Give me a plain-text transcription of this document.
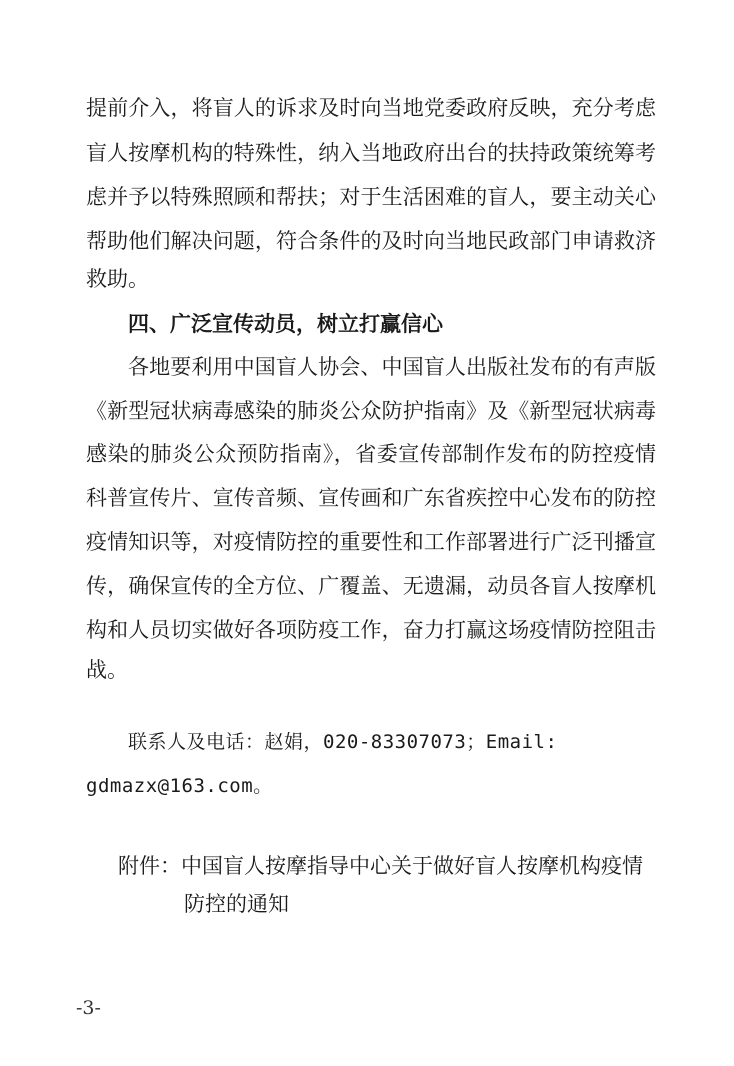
提前介入，将盲人的诉求及时向当地党委政府反映，充分考虑
盲人按摩机构的特殊性，纳入当地政府出台的扶持政策统筹考
虑并予以特殊照顾和帮扶；对于生活困难的盲人，要主动关心
帮助他们解决问题，符合条件的及时向当地民政部门申请救济
救助。
四、广泛宣传动员，树立打赢信心
各地要利用中国盲人协会、中国盲人出版社发布的有声版
《新型冠状病毒感染的肺炎公众防护指南》及《新型冠状病毒
感染的肺炎公众预防指南》，省委宣传部制作发布的防控疫情
科普宣传片、宣传音频、宣传画和广东省疾控中心发布的防控
疫情知识等，对疫情防控的重要性和工作部署进行广泛刊播宣
传，确保宣传的全方位、广覆盖、无遗漏，动员各盲人按摩机
构和人员切实做好各项防疫工作，奋力打赢这场疫情防控阻击
战。
联系人及电话：赵娟，020-83307073；Email:
gdmazx@163.com。
附件：中国盲人按摩指导中心关于做好盲人按摩机构疫情
防控的通知
-3-
